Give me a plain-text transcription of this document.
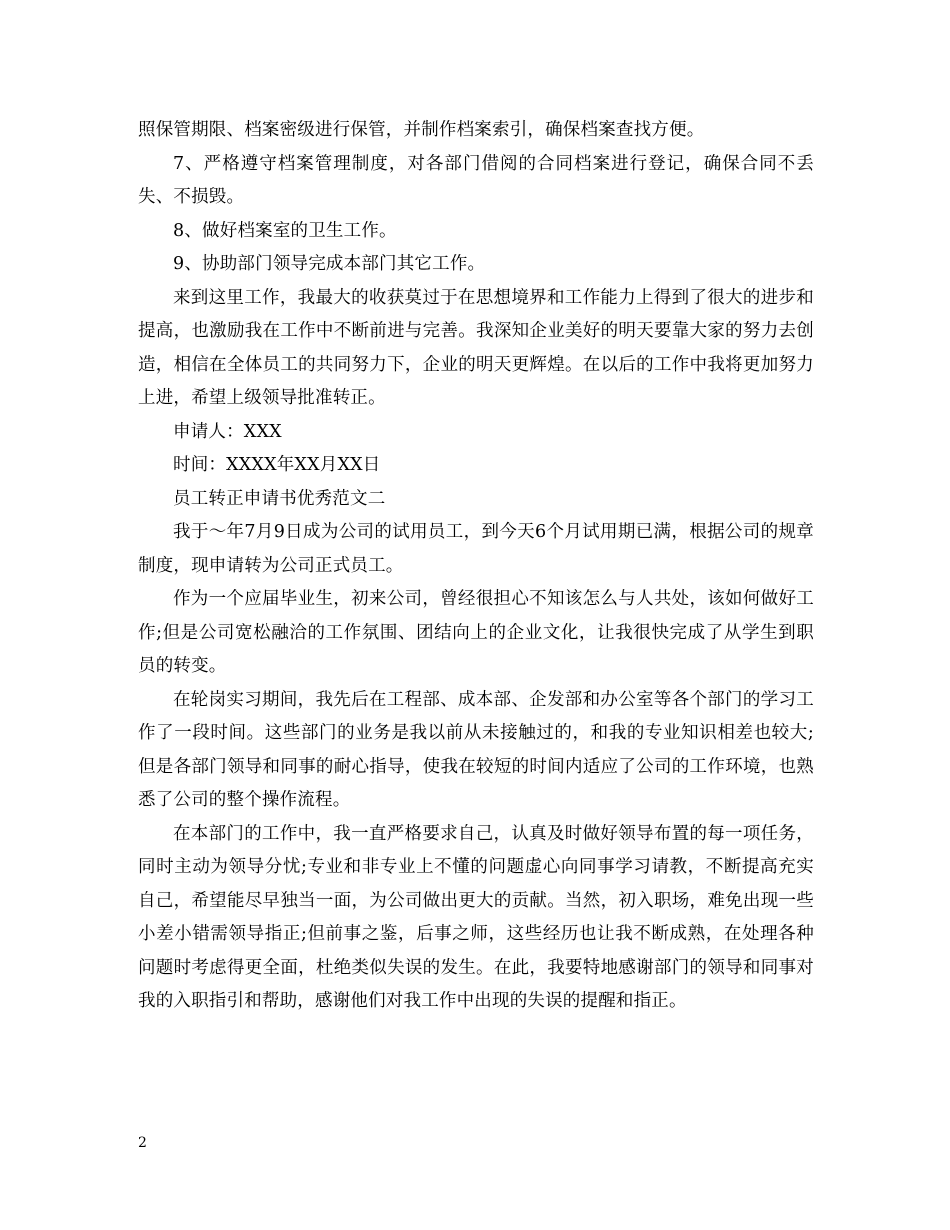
照保管期限、档案密级进行保管，并制作档案索引，确保档案查找方便。

7、严格遵守档案管理制度，对各部门借阅的合同档案进行登记，确保合同不丢失、不损毁。

8、做好档案室的卫生工作。

9、协助部门领导完成本部门其它工作。

来到这里工作，我最大的收获莫过于在思想境界和工作能力上得到了很大的进步和提高，也激励我在工作中不断前进与完善。我深知企业美好的明天要靠大家的努力去创造，相信在全体员工的共同努力下，企业的明天更辉煌。在以后的工作中我将更加努力上进，希望上级领导批准转正。

申请人：XXX

时间：XXXX年XX月XX日

员工转正申请书优秀范文二

我于～年7月9日成为公司的试用员工，到今天6个月试用期已满，根据公司的规章制度，现申请转为公司正式员工。

作为一个应届毕业生，初来公司，曾经很担心不知该怎么与人共处，该如何做好工作;但是公司宽松融洽的工作氛围、团结向上的企业文化，让我很快完成了从学生到职员的转变。

在轮岗实习期间，我先后在工程部、成本部、企发部和办公室等各个部门的学习工作了一段时间。这些部门的业务是我以前从未接触过的，和我的专业知识相差也较大;但是各部门领导和同事的耐心指导，使我在较短的时间内适应了公司的工作环境，也熟悉了公司的整个操作流程。

在本部门的工作中，我一直严格要求自己，认真及时做好领导布置的每一项任务，同时主动为领导分忧;专业和非专业上不懂的问题虚心向同事学习请教，不断提高充实自己，希望能尽早独当一面，为公司做出更大的贡献。当然，初入职场，难免出现一些小差小错需领导指正;但前事之鉴，后事之师，这些经历也让我不断成熟，在处理各种问题时考虑得更全面，杜绝类似失误的发生。在此，我要特地感谢部门的领导和同事对我的入职指引和帮助，感谢他们对我工作中出现的失误的提醒和指正。

2
